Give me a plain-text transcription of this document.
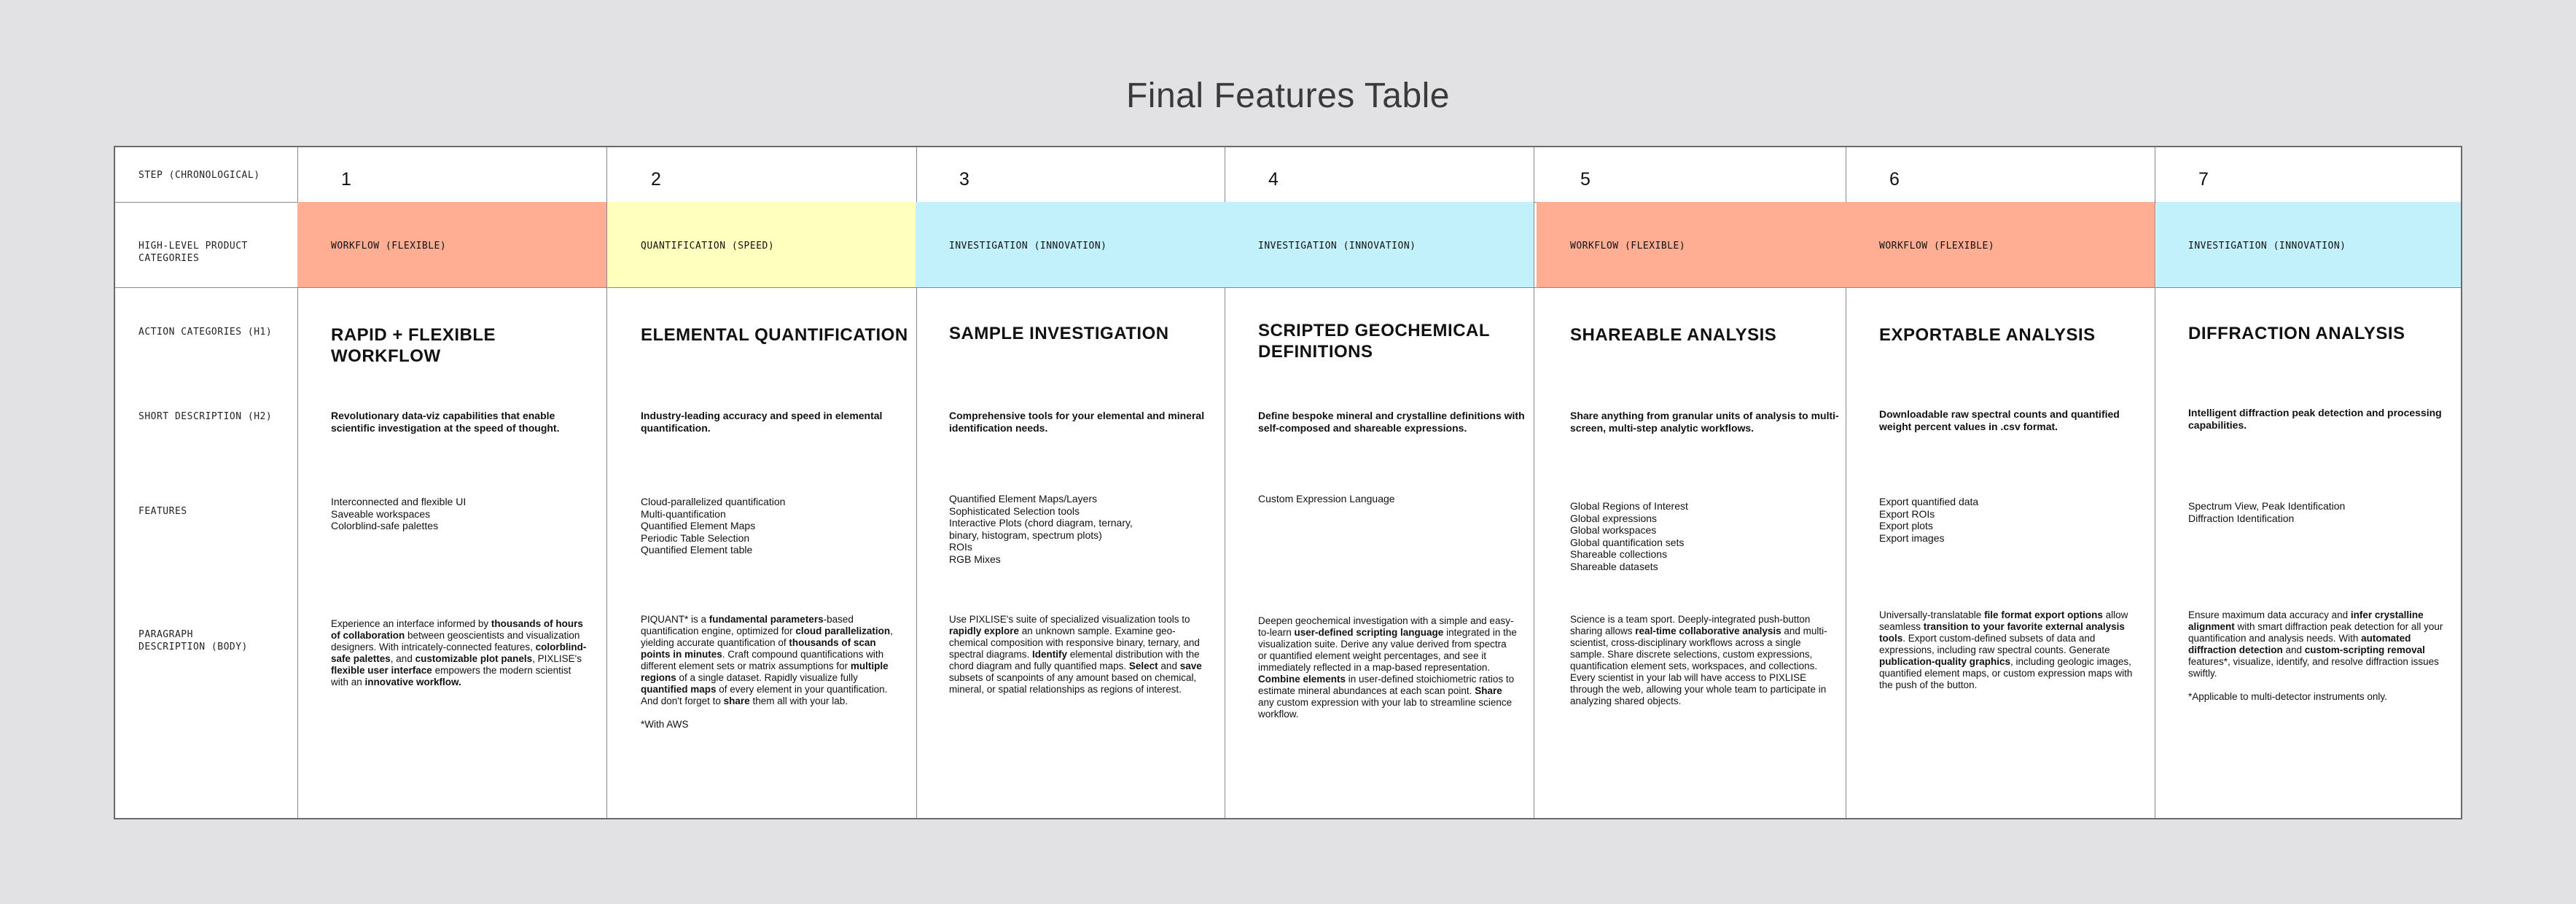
Final Features Table
STEP (CHRONOLOGICAL)
HIGH-LEVEL PRODUCT CATEGORIES
ACTION CATEGORIES (H1)
SHORT DESCRIPTION (H2)
FEATURES
PARAGRAPH DESCRIPTION (BODY)
1
WORKFLOW (FLEXIBLE)
RAPID + FLEXIBLE WORKFLOW
Revolutionary data-viz capabilities that enable scientific investigation at the speed of thought.
Interconnected and flexible UI
Saveable workspaces
Colorblind-safe palettes

Experience an interface informed by thousands of hours of collaboration between geoscientists and visualization designers. With intricately-connected features, colorblind-safe palettes, and customizable plot panels, PIXLISE's flexible user interface empowers the modern scientist with an innovative workflow.

2
QUANTIFICATION (SPEED)
ELEMENTAL QUANTIFICATION
Industry-leading accuracy and speed in elemental quantification.
Cloud-parallelized quantification
Multi-quantification
Quantified Element Maps
Periodic Table Selection
Quantified Element table

PIQUANT* is a fundamental parameters-based quantification engine, optimized for cloud parallelization, yielding accurate quantification of thousands of scan points in minutes. Craft compound quantifications with different element sets or matrix assumptions for multiple regions of a single dataset. Rapidly visualize fully quantified maps of every element in your quantification. And don't forget to share them all with your lab.

*With AWS

3
INVESTIGATION (INNOVATION)
SAMPLE INVESTIGATION
Comprehensive tools for your elemental and mineral identification needs.
Quantified Element Maps/Layers
Sophisticated Selection tools
Interactive Plots (chord diagram, ternary,
binary, histogram, spectrum plots)
ROIs
RGB Mixes

Use PIXLISE's suite of specialized visualization tools to rapidly explore an unknown sample. Examine geo-chemical composition with responsive binary, ternary, and spectral diagrams. Identify elemental distribution with the chord diagram and fully quantified maps. Select and save subsets of scanpoints of any amount based on chemical, mineral, or spatial relationships as regions of interest.

4
INVESTIGATION (INNOVATION)
SCRIPTED GEOCHEMICAL DEFINITIONS
Define bespoke mineral and crystalline definitions with self-composed and shareable expressions.
Custom Expression Language

Deepen geochemical investigation with a simple and easy-to-learn user-defined scripting language integrated in the visualization suite. Derive any value derived from spectra or quantified element weight percentages, and see it immediately reflected in a map-based representation. Combine elements in user-defined stoichiometric ratios to estimate mineral abundances at each scan point. Share any custom expression with your lab to streamline science workflow.

5
WORKFLOW (FLEXIBLE)
SHAREABLE ANALYSIS
Share anything from granular units of analysis to multi-screen, multi-step analytic workflows.
Global Regions of Interest
Global expressions
Global workspaces
Global quantification sets
Shareable collections
Shareable datasets

Science is a team sport. Deeply-integrated push-button sharing allows real-time collaborative analysis and multi-scientist, cross-disciplinary workflows across a single sample. Share discrete selections, custom expressions, quantification element sets, workspaces, and collections. Every scientist in your lab will have access to PIXLISE through the web, allowing your whole team to participate in analyzing shared objects.

6
WORKFLOW (FLEXIBLE)
EXPORTABLE ANALYSIS
Downloadable raw spectral counts and quantified weight percent values in .csv format.
Export quantified data
Export ROIs
Export plots
Export images

Universally-translatable file format export options allow seamless transition to your favorite external analysis tools. Export custom-defined subsets of data and expressions, including raw spectral counts. Generate publication-quality graphics, including geologic images, quantified element maps, or custom expression maps with the push of the button.

7
INVESTIGATION (INNOVATION)
DIFFRACTION ANALYSIS
Intelligent diffraction peak detection and processing capabilities.
Spectrum View, Peak Identification
Diffraction Identification

Ensure maximum data accuracy and infer crystalline alignment with smart diffraction peak detection for all your quantification and analysis needs. With automated diffraction detection and custom-scripting removal features*, visualize, identify, and resolve diffraction issues swiftly.

*Applicable to multi-detector instruments only.
